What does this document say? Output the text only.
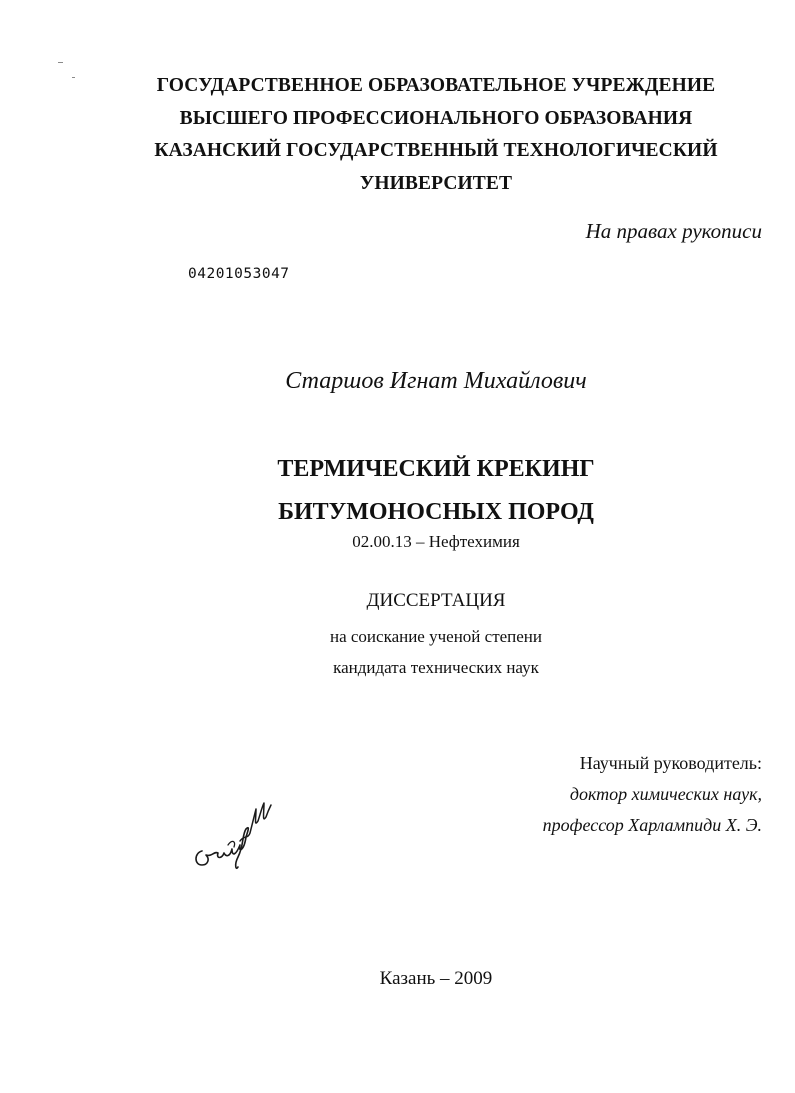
ГОСУДАРСТВЕННОЕ ОБРАЗОВАТЕЛЬНОЕ УЧРЕЖДЕНИЕ
ВЫСШЕГО ПРОФЕССИОНАЛЬНОГО ОБРАЗОВАНИЯ
КАЗАНСКИЙ ГОСУДАРСТВЕННЫЙ ТЕХНОЛОГИЧЕСКИЙ
УНИВЕРСИТЕТ
На правах рукописи
04201053047
Старшов Игнат Михайлович
ТЕРМИЧЕСКИЙ КРЕКИНГ
БИТУМОНОСНЫХ ПОРОД
02.00.13 – Нефтехимия
ДИССЕРТАЦИЯ
на соискание ученой степени
кандидата технических наук
Научный руководитель:
доктор химических наук,
профессор Харлампиди Х. Э.
Казань – 2009
